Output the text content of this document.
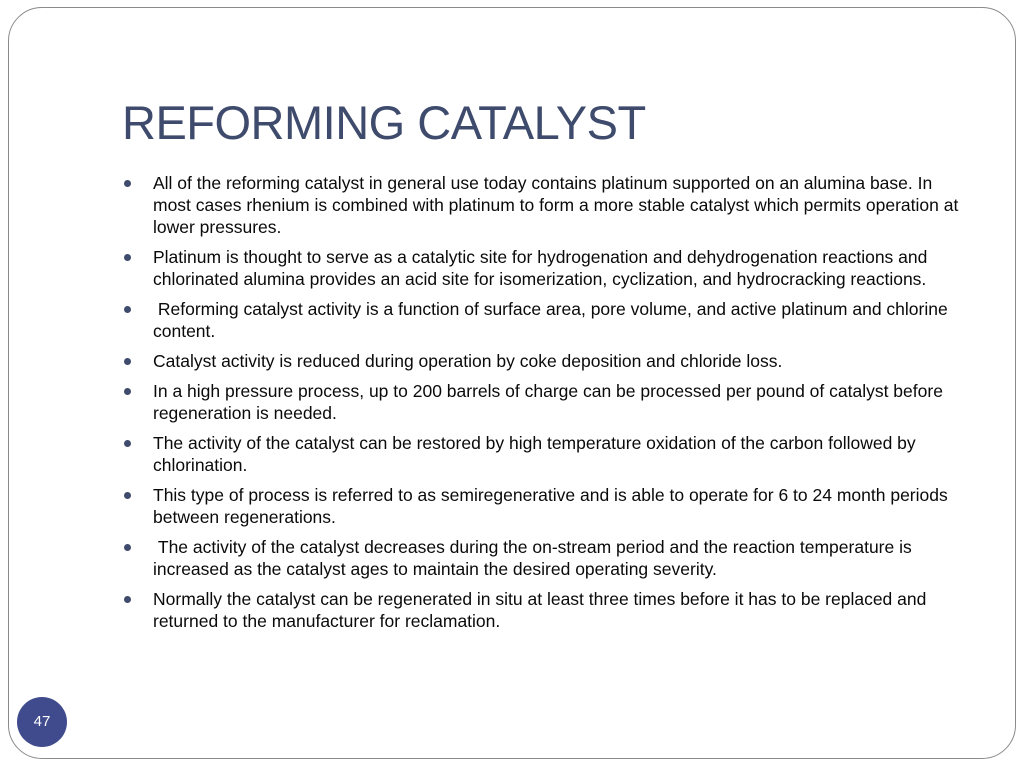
REFORMING CATALYST
All of the reforming catalyst in general use today contains platinum supported on an alumina base. In most cases rhenium is combined with platinum to form a more stable catalyst which permits operation at lower pressures.
Platinum is thought to serve as a catalytic site for hydrogenation and dehydrogenation reactions and chlorinated alumina provides an acid site for isomerization, cyclization, and hydrocracking reactions.
Reforming catalyst activity is a function of surface area, pore volume, and active platinum and chlorine content.
Catalyst activity is reduced during operation by coke deposition and chloride loss.
In a high pressure process, up to 200 barrels of charge can be processed per pound of catalyst before regeneration is needed.
The activity of the catalyst can be restored by high temperature oxidation of the carbon followed by chlorination.
This type of process is referred to as semiregenerative and is able to operate for 6 to 24 month periods between regenerations.
The activity of the catalyst decreases during the on-stream period and the reaction temperature is increased as the catalyst ages to maintain the desired operating severity.
Normally the catalyst can be regenerated in situ at least three times before it has to be replaced and returned to the manufacturer for reclamation.
47
